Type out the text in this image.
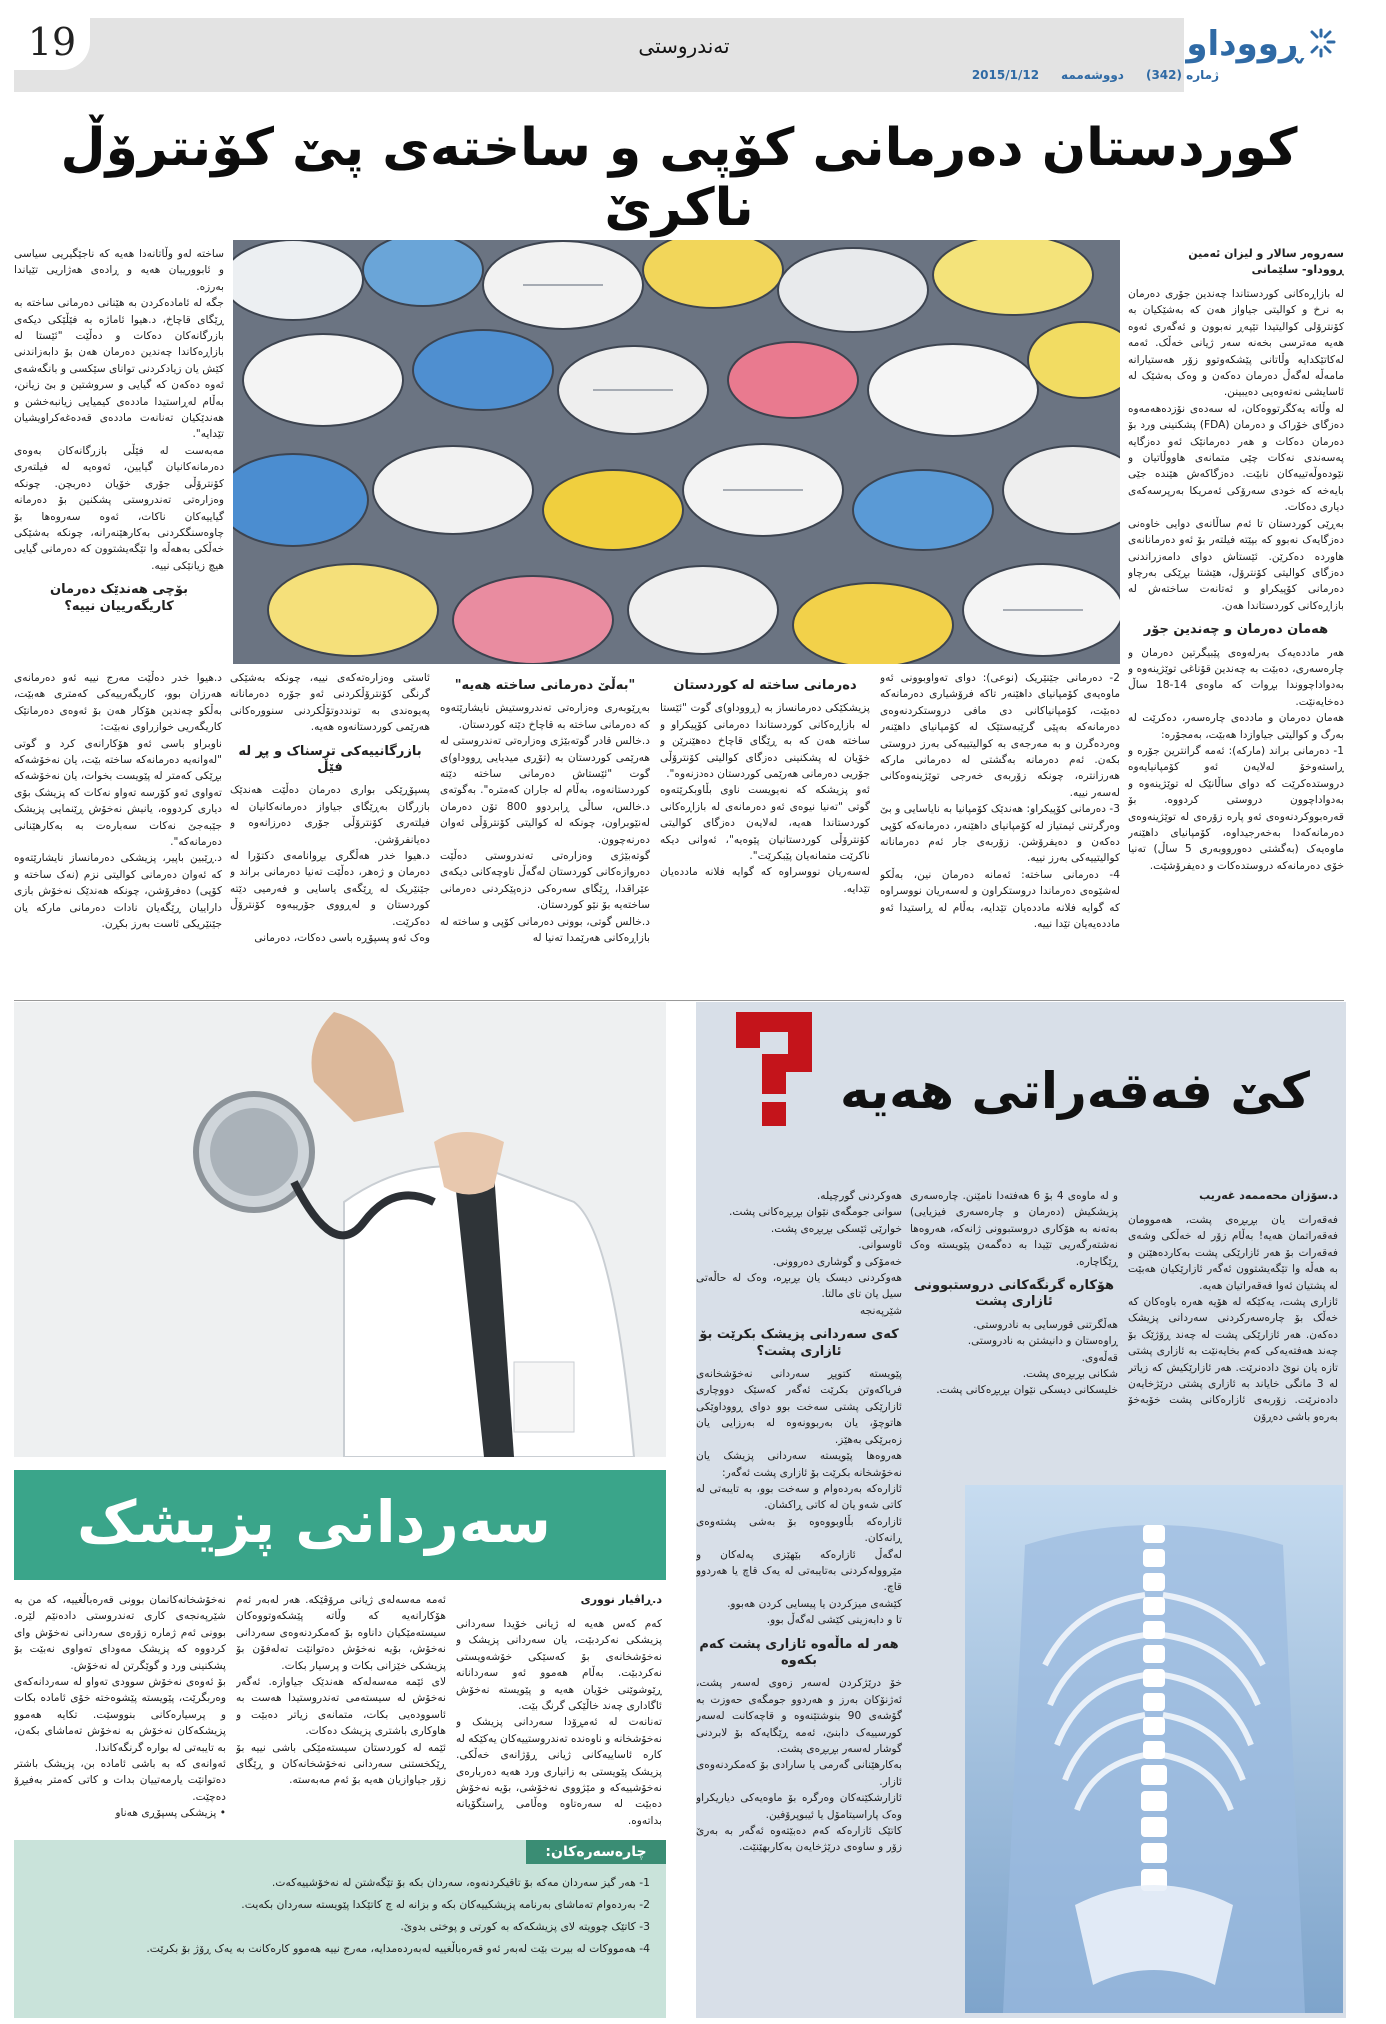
19	تەندروستی	ڕووداو
ژمارە (342)
دووشەممە
2015/1/12
کوردستان دەرمانی کۆپی و ساختەی پێ کۆنترۆڵ ناکرێ
سەروەر سالار و لیزان ئەمین
ڕووداو- سلێمانی

لە بازاڕەکانی کوردستاندا چەندین جۆری دەرمان بە نرخ و کوالیتی جیاواز هەن کە بەشێکیان بە کۆنترۆلی کوالیتیدا تێپەڕ نەبوون و ئەگەری ئەوە هەیە مەترسی بخەنە سەر ژیانی خەڵک. ئەمە لەکاتێکدایە وڵاتانی پێشکەوتوو زۆر هەستیارانە مامەڵە لەگەڵ دەرمان دەکەن و وەک بەشێک لە ئاسایشی نەتەوەیی دەیبینن.

لە وڵاتە یەکگرتووەکان، لە سەدەی نۆزدەهەمەوە دەزگای خۆراک و دەرمان (FDA) پشکنینی ورد بۆ دەرمان دەکات و هەر دەرمانێک ئەو دەزگایە پەسەندی نەکات چێی متمانەی هاووڵاتیان و نێودەوڵەتییەکان نابێت. دەزگاکەش هێندە جێی بایەخە کە خودی سەرۆکی ئەمریکا بەرپرسەکەی دیاری دەکات.

بەڕێی کوردستان تا ئەم ساڵانەی دوایی خاوەنی دەزگایەک نەبوو کە بپێتە فیلتەر بۆ ئەو دەرمانانەی هاوردە دەکرێن. ئێستاش دوای دامەزراندنی دەزگای کوالیتی کۆنترۆل، هێشتا بڕێکی بەرچاو دەرمانی کۆپیکراو و ئەتانەت ساختەش لە بازاڕەکانی کوردستاندا هەن.

هەمان دەرمان و چەندین جۆر

هەر ماددەیەک بەرلەوەی پێبیگرتین دەرمان و چارەسەری، دەبێت بە چەندین قۆناغی توێژینەوە و بەدواداچووندا بڕوات کە ماوەی 14-18 ساڵ دەخایەنێت.

هەمان دەرمان و ماددەی چارەسەر، دەکرێت لە بەرگ و کوالیتی جیاوازدا هەبێت، بەمجۆرە:

1- دەرمانی براند (مارکە): ئەمە گرانترین جۆرە و ڕاستەوخۆ لەلایەن ئەو کۆمپانیایەوە دروستدەکرێت کە دوای ساڵانێک لە توێژینەوە و بەدواداچوون دروستی کردووە. بۆ قەرەبووکردنەوەی ئەو پارە زۆرەی لە توێژینەوەی دەرمانەکەدا بەخەرجیداوە، کۆمپانیای داهێنەر ماوەیەک (بەگشتی دەورووبەری 5 ساڵ) تەنیا خۆی دەرمانەکە دروستدەکات و دەیفرۆشێت.

ساختە لەو وڵاتانەدا هەیە کە ناجێگیریی سیاسی و ئابووریبان هەیە و ڕادەی هەژاریی تێیاندا بەرزە.

جگە لە ئامادەکردن بە هێنانی دەرمانی ساختە بە ڕێگای قاچاخ، د.هیوا ئاماژە بە فێڵێکی دیکەی بازرگانەکان دەکات و دەڵێت "ئێستا لە بازاڕەکاندا چەندین دەرمان هەن بۆ دابەزاندنی کێش یان زیادکردنی توانای سێکسی و بانگەشەی ئەوە دەکەن کە گیایی و سروشتین و بێ زیانن، بەڵام لەڕاستیدا ماددەی کیمیایی زیانبەخشن و هەندێکیان تەنانەت ماددەی قەدەغەکراویشیان تێدایە".

مەبەست لە فێڵی بازرگانەکان بەوەی دەرمانەکانیان گیایین، ئەوەیە لە فیلتەری کۆنترۆڵی جۆری خۆیان دەربچن. چونکە وەزارەتی تەندروستی پشکنین بۆ دەرمانە گیاییەکان ناکات، ئەوە سەروەها بۆ چاوەسنگکردنی بەکارهێنەرانە، چونکە بەشێکی خەڵکی بەهەڵە وا تێگەیشتوون کە دەرمانی گیایی هیچ زیانێکی نییە.

بۆچی هەندێک دەرمان کاریگەرییان نییە؟

2- دەرمانی جێنێریک (نوعی): دوای تەواوبوونی ئەو ماوەیەی کۆمپانیای داهێنەر تاکە فرۆشیاری دەرمانەکە دەبێت، کۆمپانیاکانی دی مافی دروستکردنەوەی دەرمانەکە بەپێی گرێبەستێک لە کۆمپانیای داهێنەر وەردەگرن و بە مەرجەی بە کوالیتییەکی بەرز دروستی بکەن. ئەم دەرمانە بەگشتی لە دەرمانی مارکە هەرزانترە، چونکە زۆربەی خەرجی توێژینەوەکانی لەسەر نییە.

3- دەرمانی کۆپیکراو: هەندێک کۆمپانیا بە نایاسایی و بێ وەرگرتنی ئیمتیاز لە کۆمپانیای داهێنەر، دەرمانەکە کۆپی دەکەن و دەیفرۆشن. زۆربەی جار ئەم دەرمانانە کوالیتییەکی بەرز نییە.

4- دەرمانی ساختە: ئەمانە دەرمان نین، بەڵکو لەشێوەی دەرماندا دروستکراون و لەسەریان نووسراوە کە گوایە فلانە ماددەیان تێدایە، بەڵام لە ڕاستیدا ئەو ماددەیەیان تێدا نییە.

دەرمانی ساختە لە کوردستان

پزیشکێکی دەرمانساز بە (ڕووداو)ی گوت "ئێستا لە بازاڕەکانی کوردستاندا دەرمانی کۆپیکراو و ساختە هەن کە بە ڕێگای قاچاخ دەهێنرێن و خۆیان لە پشکنینی دەزگای کوالیتی کۆنترۆڵی جۆریی دەرمانی هەرێمی کوردستان دەدزنەوە".

ئەو پزیشکە کە نەیویست ناوی بڵاوبکرێتەوە گوتی "تەنیا نیوەی ئەو دەرمانەی لە بازاڕەکانی کوردستاندا هەیە، لەلایەن دەزگای کوالیتی کۆنترۆڵی کوردستانیان پێوەیە"، ئەوانی دیکە ناکرێت متمانەیان پێبکرێت".

لەسەریان نووسراوە کە گوایە فلانە ماددەیان تێدایە.

"بەڵێ دەرمانی ساختە هەیە"

بەڕێوبەری وەزارەتی تەندروستیش نایشارێتەوە کە دەرمانی ساختە بە قاچاخ دێتە کوردستان.

د.خالس قادر گوتەبێژی وەزارەتی تەندروستی لە هەرێمی کوردستان بە (تۆڕی میدیایی ڕووداو)ی گوت "ئێستاش دەرمانی ساختە دێتە کوردستانەوە، بەڵام لە جاران کەمترە". بەگوتەی د.خالس، ساڵی ڕابردوو 800 تۆن دەرمان لەنێوبراون، چونکە لە کوالیتی کۆنترۆڵی ئەوان دەرنەچوون.

گوتەبێژی وەزارەتی تەندروستی دەڵێت دەروازەکانی کوردستان لەگەڵ ناوچەکانی دیکەی عێراقدا، ڕێگای سەرەکی دزەپێکردنی دەرمانی ساختەیە بۆ نێو کوردستان.

د.خالس گوتی، بوونی دەرمانی کۆپی و ساختە لە بازاڕەکانی هەرێمدا تەنیا لە

ئاستی وەزارەتەکەی نییە، چونکە بەشێکی گرنگی کۆنترۆڵکردنی ئەو جۆرە دەرمانانە پەیوەندی بە تونددوتۆڵکردنی سنوورەکانی هەرێمی کوردستانەوە هەیە.

بازرگانییەکی ترسناک و پڕ لە فێڵ

پسپۆڕێکی بواری دەرمان دەڵێت هەندێک بازرگان بەڕێگای جیاواز دەرمانەکانیان لە فیلتەری کۆنترۆڵی جۆری دەرزانەوە و دەیانفرۆشن.

د.هیوا خدر هەڵگری بڕوانامەی دکتۆرا لە دەرمان و ژەهر، دەڵێت تەنیا دەرمانی براند و جێنێریک لە ڕێگەی یاسایی و فەرمیی دێتە کوردستان و لەڕووی جۆرییەوە کۆنترۆڵ دەکرێت.

وەک ئەو پسپۆڕە باسی دەکات، دەرمانی

د.هیوا خدر دەڵێت مەرج نییە ئەو دەرمانەی هەرزان بوو، کاریگەرییەکی کەمتری هەبێت، بەڵکو چەندین هۆکار هەن بۆ ئەوەی دەرمانێک کاریگەریی خوازراوی نەبێت:

ناوبراو باسی ئەو هۆکارانەی کرد و گوتی "لەوانەیە دەرمانەکە ساختە بێت، یان نەخۆشەکە بڕێکی کەمتر لە پێویست بخوات، یان نەخۆشەکە تەواوی ئەو کۆرسە تەواو نەکات کە پزیشک بۆی دیاری کردووە، یانیش نەخۆش ڕێنمایی پزیشک جێبەجێ نەکات سەبارەت بە بەکارهێنانی دەرمانەکە".

د.ڕێبین باپیر، پزیشکی دەرمانساز نایشارێتەوە کە ئەوان دەرمانی کوالیتی نزم (نەک ساختە و کۆپی) دەفرۆشن، چونکە هەندێک نەخۆش بازی داراییان ڕێگەیان نادات دەرمانی مارکە یان جێنێریکی ئاست بەرز بکڕن.

سەردانی پزیشک
د.ڕاڤیار نووری

کەم کەس هەیە لە ژیانی خۆیدا سەردانی پزیشکی نەکردبێت، یان سەردانی پزیشک و نەخۆشخانەی بۆ کەسێکی خۆشەویستی نەکردبێت. بەڵام هەموو ئەو سەردانانە ڕێوشوێنی خۆیان هەیە و پێویستە نەخۆش ئاگاداری چەند خاڵێکی گرنگ بێت.

تەنانەت لە ئەمڕۆدا سەردانی پزیشک و نەخۆشخانە و ناوەندە تەندروستییەکان یەکێکە لە کارە ئاساییەکانی ژیانی ڕۆژانەی خەڵکی. پزیشک پێویستی بە زانیاری ورد هەیە دەربارەی نەخۆشییەکە و مێژووی نەخۆشی، بۆیە نەخۆش دەبێت لە سەرەتاوە وەڵامی ڕاستگۆیانە بداتەوە.

ئەمە مەسەلەی ژیانی مرۆڤێکە. هەر لەبەر ئەم هۆکارانەیە کە وڵاتە پێشکەوتووەکان سیستەمێکیان داناوە بۆ کەمکردنەوەی سەردانی نەخۆش، بۆیە نەخۆش دەتوانێت تەلەفۆن بۆ پزیشکی خێزانی بکات و پرسیار بکات.

لای ئێمە مەسەلەکە هەندێک جیاوازە. ئەگەر نەخۆش لە سیستەمی تەندروستیدا هەست بە ئاسوودەیی بکات، متمانەی زیاتر دەبێت و هاوکاری باشتری پزیشک دەکات.

ئێمە لە کوردستان سیستەمێکی باشی نییە بۆ ڕێکخستنی سەردانی نەخۆشخانەکان و ڕێگای زۆر جیاوازیان هەیە بۆ ئەم مەبەستە.

نەخۆشخانەکانمان بوونی قەرەباڵغییە، کە من بە شێرپەنجەی کاری تەندروستی دادەنێم لێرە. بوونی ئەم ژمارە زۆرەی سەردانی نەخۆش وای کردووە کە پزیشک مەودای تەواوی نەبێت بۆ پشکنینی ورد و گوێگرتن لە نەخۆش.

بۆ ئەوەی نەخۆش سوودی تەواو لە سەردانەکەی وەربگرێت، پێویستە پێشوەختە خۆی ئامادە بکات و پرسیارەکانی بنووسێت. تکایە هەموو پزیشکەکان نەخۆش بە نەخۆش تەماشای بکەن، بە تایبەتی لە بوارە گرنگەکاندا.

ئەوانەی کە بە باشی ئامادە بن، پزیشک باشتر دەتوانێت یارمەتییان بدات و کاتی کەمتر بەفیڕۆ دەچێت.

• پزیشکی پسپۆڕی هەناو

چارەسەرەکان:
1- هەر گیز سەردان مەکە بۆ تاقیکردنەوە، سەردان بکە بۆ تێگەشتن لە نەخۆشییەکەت.
2- بەردەوام تەماشای بەرنامە پزیشکییەکان بکە و بزانە لە چ کاتێکدا پێویستە سەردان بکەیت.
3- کاتێک چوویتە لای پزیشکەکە بە کورتی و پوختی بدوێ.
4- هەمووکات لە بیرت بێت لەبەر ئەو قەرەباڵغییە لەبەردەمدایە، مەرج نییە هەموو کارەکانت بە یەک ڕۆژ بۆ بکرێت.
کێ فەقەراتی هەیە
د.سۆزان محەممەد غەریب

فەقەرات یان بڕبڕەی پشت، هەموومان فەقەراتمان هەیە! بەڵام زۆر لە خەڵکی وشەی فەقەرات بۆ هەر ئازارێکی پشت بەکاردەهێنن و بە هەڵە وا تێگەیشتوون ئەگەر ئازارێکیان هەبێت لە پشتیان ئەوا فەقەراتیان هەیە.

ئازاری پشت، یەکێکە لە هۆیە هەرە باوەکان کە خەڵک بۆ چارەسەرکردنی سەردانی پزیشک دەکەن. هەر ئازارێکی پشت لە چەند ڕۆژێک بۆ چەند هەفتەیەکی کەم بخایەنێت بە ئازاری پشتی تازە یان نوێ دادەنرێت. هەر ئازارێکیش کە زیاتر لە 3 مانگی خایاند بە ئازاری پشتی درێژخایەن دادەنرێت. زۆربەی ئازارەکانی پشت خۆبەخۆ بەرەو باشی دەڕۆن

و لە ماوەی 4 بۆ 6 هەفتەدا نامێنن. چارەسەری پزیشکیش (دەرمان و چارەسەری فیزیایی) بەتەنە بە هۆکاری دروستبوونی ژانەکە، هەروەها نەشتەرگەریی تێیدا بە دەگمەن پێویستە وەک ڕێگاچارە.

هۆکارە گرنگەکانی دروستبوونی ئازاری پشت
هەڵگرتنی قورسایی بە نادروستی.
ڕاوەستان و دانیشتن بە نادروستی.
قەڵەوی.
شکانی بڕبڕەی پشت.
خلیسکانی دیسکی نێوان بڕبڕەکانی پشت.
هەوکردنی گورچیلە.
سوانی جومگەی نێوان بڕبڕەکانی پشت.
خوارێی ئێسکی بڕبڕەی پشت.
ئاوسوانی.
خەمۆکی و گوشاری دەروونی.
هەوکردنی دیسک یان بڕبڕە، وەک لە حاڵەتی سیل یان تای مالتا.
شێرپەنجە
کەی سەردانی پزیشک بکرێت بۆ ئازاری پشت؟
پێویستە کتوپڕ سەردانی نەخۆشخانەی فریاکەوتن بکرێت ئەگەر کەسێک دووچاری ئازارێکی پشتی سەخت بوو دوای ڕووداوێکی هاتوچۆ، یان بەربوونەوە لە بەرزایی یان زەبرێکی بەهێز.
هەروەها پێویستە سەردانی پزیشک یان نەخۆشخانە بکرێت بۆ ئازاری پشت ئەگەر:
ئازارەکە بەردەوام و سەخت بوو، بە تایبەتی لە کاتی شەو یان لە کاتی ڕاکشان.
ئازارەکە بڵاوبووەوە بۆ بەشی پشتەوەی ڕانەکان.
لەگەڵ ئازارەکە بێهێزی پەلەکان و مێروولەکردنی بەتایبەتی لە یەک قاچ یا هەردوو قاچ.
کێشەی میزکردن یا پیسایی کردن هەبوو.
تا و دابەزینی کێشی لەگەڵ بوو.
هەر لە ماڵەوە ئازاری پشت کەم بکەوە
خۆ درێژکردن لەسەر زەوی لەسەر پشت، ئەژنۆکان بەرز و هەردوو جومگەی حەوزت بە گۆشەی 90 بنوشتێنەوە و قاچەکانت لەسەر کورسییەک دابنێ، ئەمە ڕێگایەکە بۆ لابردنی گوشار لەسەر بڕبڕەی پشت.
بەکارهێنانی گەرمی یا سارادی بۆ کەمکردنەوەی ئازار.
ئازارشکێنەکان وەرگرە بۆ ماوەیەکی دیاریکراو وەک پاراسیتامۆل یا ئیبوپرۆفین.
کاتێک ئازارەکە کەم دەبێتەوە ئەگەر بە بەرێ زۆر و ساوەی درێژخایەن بەکاربهێنێت.
